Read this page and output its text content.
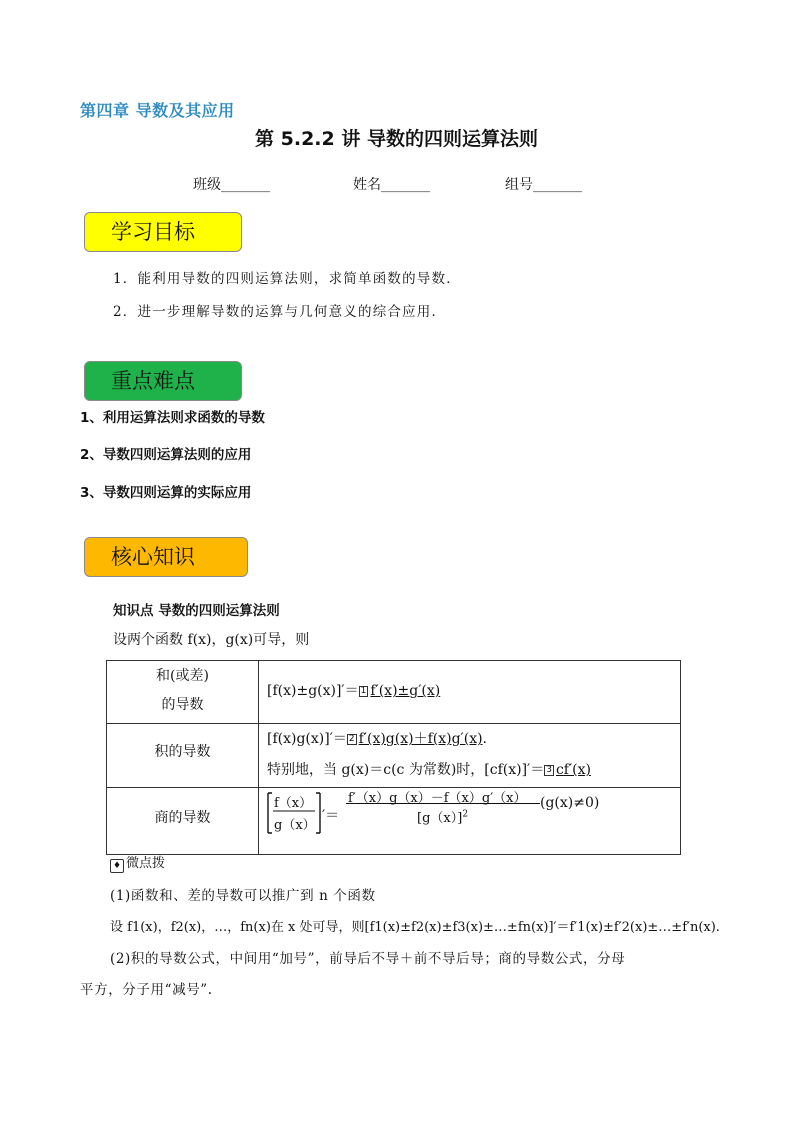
第四章 导数及其应用
第 5.2.2 讲 导数的四则运算法则
班级_______	姓名_______	组号_______
学习目标
1．能利用导数的四则运算法则，求简单函数的导数．
2．进一步理解导数的运算与几何意义的综合应用．
重点难点
1、利用运算法则求函数的导数
2、导数四则运算法则的应用
3、导数四则运算的实际应用
核心知识
知识点 导数的四则运算法则
设两个函数 f(x)，g(x)可导，则
和(或差)
的导数
[f(x)±g(x)]′＝ 1 f′(x)±g′(x)
积的导数
[f(x)g(x)]′＝ 2 f′(x)g(x)＋f(x)g′(x).
特别地，当 g(x)＝c(c 为常数)时，[cf(x)]′＝ 3 cf′(x)
商的导数
f（x）
g（x）
′＝
f′（x）g（x）－f（x）g′（x）
$[g(x)]^2$
(g(x)≠0)
♦ 微点拨
(1)函数和、差的导数可以推广到 n 个函数
设 f1(x)，f2(x)，…，fn(x)在 x 处可导，则[f1(x)±f2(x)±f3(x)±…±fn(x)]′＝f′1(x)±f′2(x)±…±f′n(x).
(2)积的导数公式，中间用“加号”，前导后不导＋前不导后导；商的导数公式，分母
平方，分子用“减号”.
